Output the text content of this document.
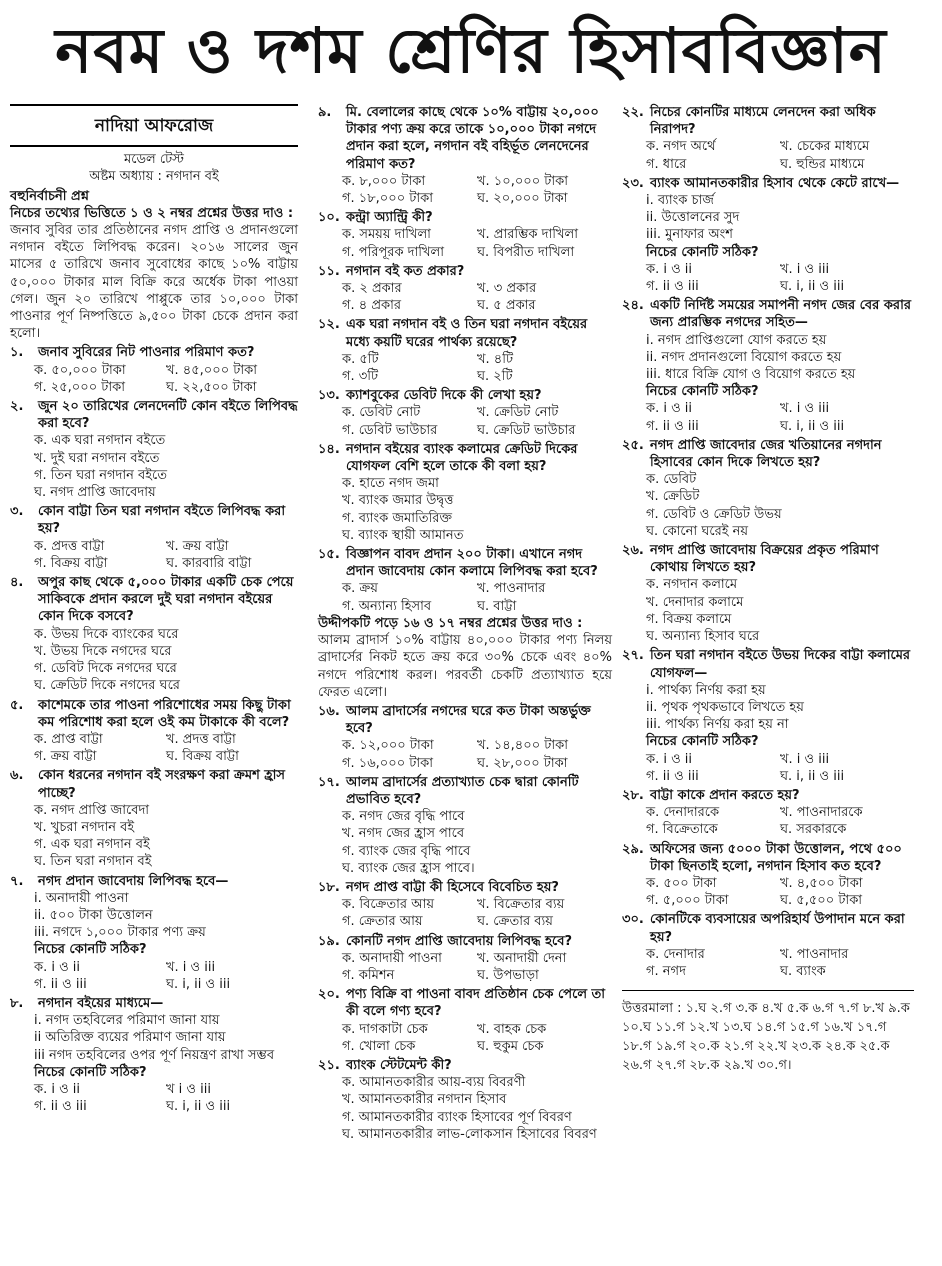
নবম ও দশম শ্রেণির হিসাববিজ্ঞান
নাদিয়া আফরোজ
মডেল টেস্ট
অষ্টম অধ্যায় : নগদান বই
বহুনির্বাচনী প্রশ্ন
নিচের তথ্যের ভিত্তিতে ১ ও ২ নম্বর প্রশ্নের উত্তর দাও :
জনাব সুবির তার প্রতিষ্ঠানের নগদ প্রাপ্তি ও প্রদানগুলো নগদান বইতে লিপিবদ্ধ করেন। ২০১৬ সালের জুন মাসের ৫ তারিখে জনাব সুবোধের কাছে ১০% বাট্টায় ৫০,০০০ টাকার মাল বিক্রি করে অর্ধেক টাকা পাওয়া গেল। জুন ২০ তারিখে পাপ্পুকে তার ১০,০০০ টাকা পাওনার পূর্ণ নিষ্পত্তিতে ৯,৫০০ টাকা চেকে প্রদান করা হলো।
১.	জনাব সুবিরের নিট পাওনার পরিমাণ কত?
ক. ৫০,০০০ টাকা	খ. ৪৫,০০০ টাকা
গ. ২৫,০০০ টাকা	ঘ. ২২,৫০০ টাকা
২.	জুন ২০ তারিখের লেনদেনটি কোন বইতে লিপিবদ্ধ করা হবে?
ক. এক ঘরা নগদান বইতে
খ. দুই ঘরা নগদান বইতে
গ. তিন ঘরা নগদান বইতে
ঘ. নগদ প্রাপ্তি জাবেদায়
৩.	কোন বাট্টা তিন ঘরা নগদান বইতে লিপিবদ্ধ করা হয়?
ক. প্রদত্ত বাট্টা	খ. ক্রয় বাট্টা
গ. বিক্রয় বাট্টা	ঘ. কারবারি বাট্টা
৪.	অপুর কাছ থেকে ৫,০০০ টাকার একটি চেক পেয়ে সাকিবকে প্রদান করলে দুই ঘরা নগদান বইয়ের কোন দিকে বসবে?
ক. উভয় দিকে ব্যাংকের ঘরে
খ. উভয় দিকে নগদের ঘরে
গ. ডেবিট দিকে নগদের ঘরে
ঘ. ক্রেডিট দিকে নগদের ঘরে
৫.	কাশেমকে তার পাওনা পরিশোধের সময় কিছু টাকা কম পরিশোধ করা হলে ওই কম টাকাকে কী বলে?
ক. প্রাপ্ত বাট্টা	খ. প্রদত্ত বাট্টা
গ. ক্রয় বাট্টা	ঘ. বিক্রয় বাট্টা
৬.	কোন ধরনের নগদান বই সংরক্ষণ করা ক্রমশ হ্রাস পাচ্ছে?
ক. নগদ প্রাপ্তি জাবেদা
খ. খুচরা নগদান বই
গ. এক ঘরা নগদান বই
ঘ. তিন ঘরা নগদান বই
৭.	নগদ প্রদান জাবেদায় লিপিবদ্ধ হবে—
i. অনাদায়ী পাওনা
ii. ৫০০ টাকা উত্তোলন
iii. নগদে ১,০০০ টাকার পণ্য ক্রয়
নিচের কোনটি সঠিক?
ক. i ও ii	খ. i ও iii
গ. ii ও iii	ঘ. i, ii ও iii
৮.	নগদান বইয়ের মাধ্যমে—
i. নগদ তহবিলের পরিমাণ জানা যায়
ii অতিরিক্ত ব্যয়ের পরিমাণ জানা যায়
iii নগদ তহবিলের ওপর পূর্ণ নিয়ন্ত্রণ রাখা সম্ভব
নিচের কোনটি সঠিক?
ক. i ও ii	খ i ও iii
গ. ii ও iii	ঘ. i, ii ও iii
৯.	মি. বেলালের কাছে থেকে ১০% বাট্টায় ২০,০০০ টাকার পণ্য ক্রয় করে তাকে ১০,০০০ টাকা নগদে প্রদান করা হলে, নগদান বই বহির্ভূত লেনদেনের পরিমাণ কত?
ক. ৮,০০০ টাকা	খ. ১০,০০০ টাকা
গ. ১৮,০০০ টাকা	ঘ. ২০,০০০ টাকা
১০. কন্ট্রা অ্যান্ট্রি কী?
ক. সময়য় দাখিলা	খ. প্রারম্ভিক দাখিলা
গ. পরিপূরক দাখিলা	ঘ. বিপরীত দাখিলা
১১. নগদান বই কত প্রকার?
ক. ২ প্রকার	খ. ৩ প্রকার
গ. ৪ প্রকার	ঘ. ৫ প্রকার
১২. এক ঘরা নগদান বই ও তিন ঘরা নগদান বইয়ের মধ্যে কয়টি ঘরের পার্থক্য রয়েছে?
ক. ৫টি	খ. ৪টি
গ. ৩টি	ঘ. ২টি
১৩. ক্যাশবুকের ডেবিট দিকে কী লেখা হয়?
ক. ডেবিট নোট	খ. ক্রেডিট নোট
গ. ডেবিট ভাউচার	ঘ. ক্রেডিট ভাউচার
১৪. নগদান বইয়ের ব্যাংক কলামের ক্রেডিট দিকের যোগফল বেশি হলে তাকে কী বলা হয়?
ক. হাতে নগদ জমা
খ. ব্যাংক জমার উদ্বৃত্ত
গ. ব্যাংক জমাতিরিক্ত
ঘ. ব্যাংক স্থায়ী আমানত
১৫. বিজ্ঞাপন বাবদ প্রদান ২০০ টাকা। এখানে নগদ প্রদান জাবেদায় কোন কলামে লিপিবদ্ধ করা হবে?
ক. ক্রয়	খ. পাওনাদার
গ. অন্যান্য হিসাব	ঘ. বাট্টা
উদ্দীপকটি পড়ে ১৬ ও ১৭ নম্বর প্রশ্নের উত্তর দাও :
আলম ব্রাদার্স ১০% বাট্টায় ৪০,০০০ টাকার পণ্য নিলয় ব্রাদার্সের নিকট হতে ক্রয় করে ৩০% চেকে এবং ৪০% নগদে পরিশোধ করল। পরবর্তী চেকটি প্রত্যাখ্যাত হয়ে ফেরত এলো।
১৬. আলম ব্রাদার্সের নগদের ঘরে কত টাকা অন্তর্ভুক্ত হবে?
ক. ১২,০০০ টাকা	খ. ১৪,৪০০ টাকা
গ. ১৬,০০০ টাকা	ঘ. ২৮,০০০ টাকা
১৭. আলম ব্রাদার্সের প্রত্যাখ্যাত চেক দ্বারা কোনটি প্রভাবিত হবে?
ক. নগদ জের বৃদ্ধি পাবে
খ. নগদ জের হ্রাস পাবে
গ. ব্যাংক জের বৃদ্ধি পাবে
ঘ. ব্যাংক জের হ্রাস পাবে।
১৮. নগদ প্রাপ্ত বাট্টা কী হিসেবে বিবেচিত হয়?
ক. বিক্রেতার আয়	খ. বিক্রেতার ব্যয়
গ. ক্রেতার আয়	ঘ. ক্রেতার ব্যয়
১৯. কোনটি নগদ প্রাপ্তি জাবেদায় লিপিবদ্ধ হবে?
ক. অনাদায়ী পাওনা	খ. অনাদায়ী দেনা
গ. কমিশন	ঘ. উপভাড়া
২০. পণ্য বিক্রি বা পাওনা বাবদ প্রতিষ্ঠান চেক পেলে তা কী বলে গণ্য হবে?
ক. দাগকাটা চেক	খ. বাহক চেক
গ. খোলা চেক	ঘ. হুকুম চেক
২১. ব্যাংক স্টেটমেন্ট কী?
ক. আমানতকারীর আয়-ব্যয় বিবরণী
খ. আমানতকারীর নগদান হিসাব
গ. আমানতকারীর ব্যাংক হিসাবের পূর্ণ বিবরণ
ঘ. আমানতকারীর লাভ-লোকসান হিসাবের বিবরণ
২২. নিচের কোনটির মাধ্যমে লেনদেন করা অধিক নিরাপদ?
ক. নগদ অর্থে	খ. চেকের মাধ্যমে
গ. ধারে	ঘ. হুন্ডির মাধ্যমে
২৩. ব্যাংক আমানতকারীর হিসাব থেকে কেটে রাখে—
i. ব্যাংক চার্জ
ii. উত্তোলনের সুদ
iii. মুনাফার অংশ
নিচের কোনটি সঠিক?
ক. i ও ii	খ. i ও iii
গ. ii ও iii	ঘ. i, ii ও iii
২৪. একটি নির্দিষ্ট সময়ের সমাপনী নগদ জের বের করার জন্য প্রারম্ভিক নগদের সহিত—
i. নগদ প্রাপ্তিগুলো যোগ করতে হয়
ii. নগদ প্রদানগুলো বিয়োগ করতে হয়
iii. ধারে বিক্রি যোগ ও বিয়োগ করতে হয়
নিচের কোনটি সঠিক?
ক. i ও ii	খ. i ও iii
গ. ii ও iii	ঘ. i, ii ও iii
২৫. নগদ প্রাপ্তি জাবেদার জের খতিয়ানের নগদান হিসাবের কোন দিকে লিখতে হয়?
ক. ডেবিট
খ. ক্রেডিট
গ. ডেবিট ও ক্রেডিট উভয়
ঘ. কোনো ঘরেই নয়
২৬. নগদ প্রাপ্তি জাবেদায় বিক্রয়ের প্রকৃত পরিমাণ কোথায় লিখতে হয়?
ক. নগদান কলামে
খ. দেনাদার কলামে
গ. বিক্রয় কলামে
ঘ. অন্যান্য হিসাব ঘরে
২৭. তিন ঘরা নগদান বইতে উভয় দিকের বাট্টা কলামের যোগফল—
i. পার্থক্য নির্ণয় করা হয়
ii. পৃথক পৃথকভাবে লিখতে হয়
iii. পার্থক্য নির্ণয় করা হয় না
নিচের কোনটি সঠিক?
ক. i ও ii	খ. i ও iii
গ. ii ও iii	ঘ. i, ii ও iii
২৮. বাট্টা কাকে প্রদান করতে হয়?
ক. দেনাদারকে	খ. পাওনাদারকে
গ. বিক্রেতাকে	ঘ. সরকারকে
২৯. অফিসের জন্য ৫০০০ টাকা উত্তোলন, পথে ৫০০ টাকা ছিনতাই হলো, নগদান হিসাব কত হবে?
ক. ৫০০ টাকা	খ. ৪,৫০০ টাকা
গ. ৫,০০০ টাকা	ঘ. ৫,৫০০ টাকা
৩০. কোনটিকে ব্যবসায়ের অপরিহার্য উপাদান মনে করা হয়?
ক. দেনাদার	খ. পাওনাদার
গ. নগদ	ঘ. ব্যাংক
উত্তরমালা : ১.ঘ ২.গ ৩.ক ৪.খ ৫.ক ৬.গ ৭.গ ৮.খ ৯.ক ১০.ঘ ১১.গ ১২.খ ১৩.ঘ ১৪.গ ১৫.গ ১৬.খ ১৭.গ ১৮.গ ১৯.গ ২০.ক ২১.গ ২২.খ ২৩.ক ২৪.ক ২৫.ক ২৬.গ ২৭.গ ২৮.ক ২৯.খ ৩০.গ।
